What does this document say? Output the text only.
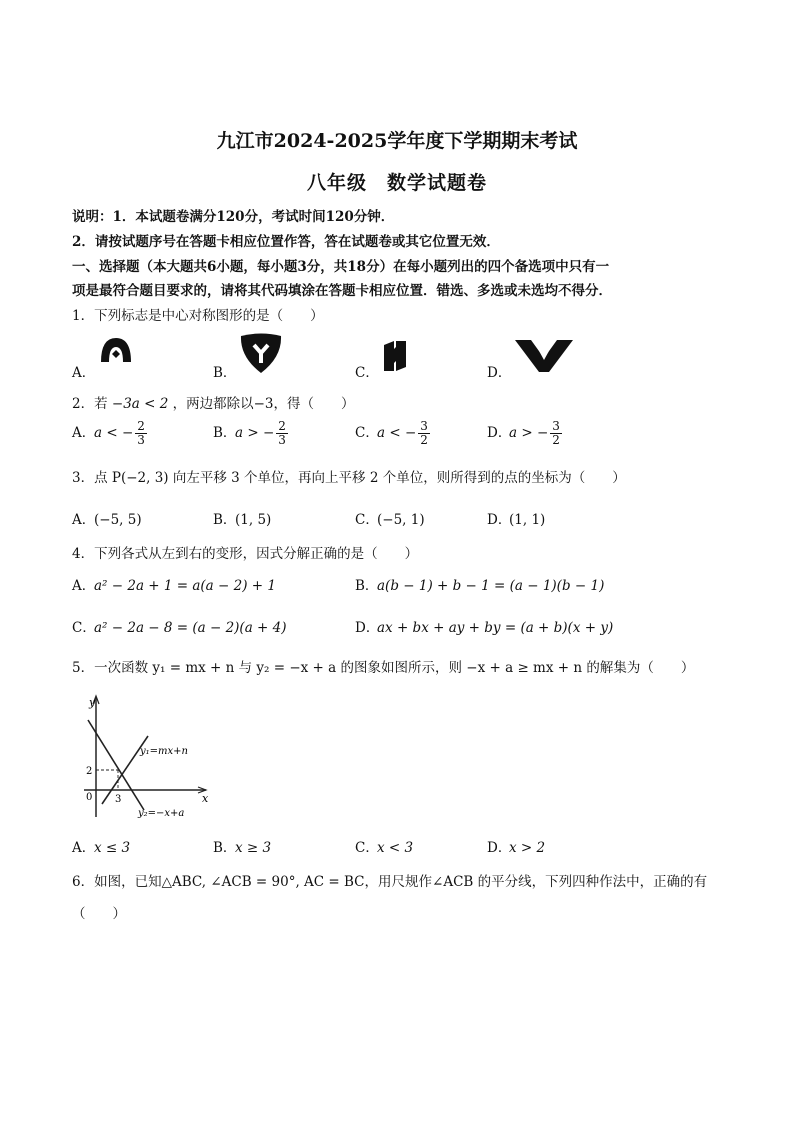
九江市2024-2025学年度下学期期末考试
八年级　数学试题卷
说明：1．本试题卷满分120分，考试时间120分钟．
2．请按试题序号在答题卡相应位置作答，答在试题卷或其它位置无效．
一、选择题（本大题共6小题，每小题3分，共18分）在每小题列出的四个备选项中只有一
项是最符合题目要求的，请将其代码填涂在答题卡相应位置．错选、多选或未选均不得分．
1．下列标志是中心对称图形的是（　　）
A．	B．	C．	D．
2．若 −3a < 2 ，两边都除以−3，得（　　）
A．a < − $\frac{2}{3}$	B．a > − $\frac{2}{3}$	C．a < − $\frac{3}{2}$	D．a > − $\frac{3}{2}$
3．点 P(−2, 3) 向左平移 3 个单位，再向上平移 2 个单位，则所得到的点的坐标为（　　）
A．(−5, 5)	B．(1, 5)	C．(−5, 1)	D．(1, 1)
4．下列各式从左到右的变形，因式分解正确的是（　　）
A．a² − 2a + 1 = a(a − 2) + 1	B．a(b − 1) + b − 1 = (a − 1)(b − 1)
C．a² − 2a − 8 = (a − 2)(a + 4)	D．ax + bx + ay + by = (a + b)(x + y)
5．一次函数 y₁ = mx + n 与 y₂ = −x + a 的图象如图所示，则 −x + a ≥ mx + n 的解集为（　　）
y
x
0
2
3
y₁=mx+n
y₂=−x+a
A．x ≤ 3	B．x ≥ 3	C．x < 3	D．x > 2
6．如图，已知△ABC, ∠ACB = 90°, AC = BC，用尺规作∠ACB 的平分线，下列四种作法中，正确的有
（　　）
